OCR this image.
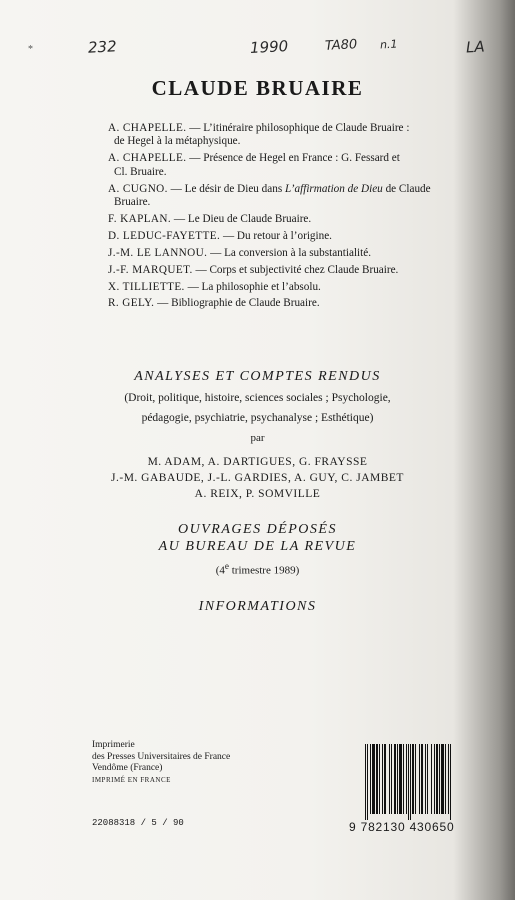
*	232	1990	TA80 n.1	LA
CLAUDE BRUAIRE
A. CHAPELLE. — L’itinéraire philosophique de Claude Bruaire :
de Hegel à la métaphysique.
A. CHAPELLE. — Présence de Hegel en France : G. Fessard et
Cl. Bruaire.
A. CUGNO. — Le désir de Dieu dans L’affirmation de Dieu de Claude
Bruaire.
F. KAPLAN. — Le Dieu de Claude Bruaire.
D. LEDUC-FAYETTE. — Du retour à l’origine.
J.-M. LE LANNOU. — La conversion à la substantialité.
J.-F. MARQUET. — Corps et subjectivité chez Claude Bruaire.
X. TILLIETTE. — La philosophie et l’absolu.
R. GELY. — Bibliographie de Claude Bruaire.
ANALYSES ET COMPTES RENDUS
(Droit, politique, histoire, sciences sociales ; Psychologie,
pédagogie, psychiatrie, psychanalyse ; Esthétique)
par
M. ADAM, A. DARTIGUES, G. FRAYSSE
J.-M. GABAUDE, J.-L. GARDIES, A. GUY, C. JAMBET
A. REIX, P. SOMVILLE
OUVRAGES DÉPOSÉS
AU BUREAU DE LA REVUE
(4e trimestre 1989)
INFORMATIONS
Imprimerie
des Presses Universitaires de France
Vendôme (France)
IMPRIMÉ EN FRANCE
22088318 / 5 / 90	9 782130 430650
